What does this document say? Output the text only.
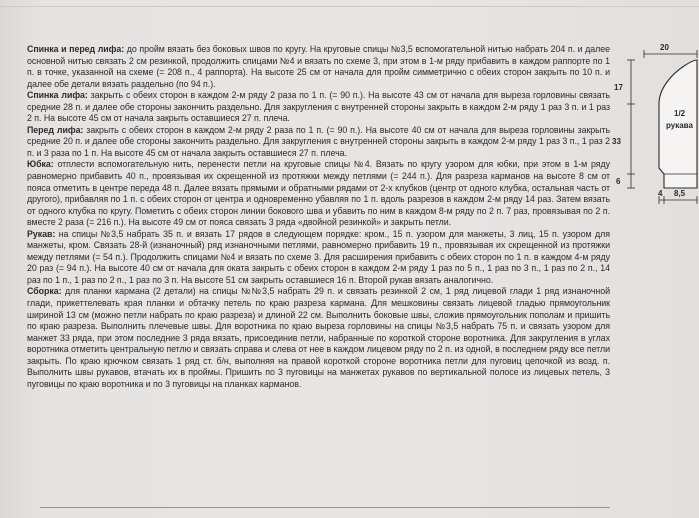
Спинка и перед лифа: до пройм вязать без боковых швов по кругу. На круговые спицы №3,5 вспомогательной нитью набрать 204 п. и далее основной нитью связать 2 см резинкой, продолжить спицами №4 и вязать по схеме 3, при этом в 1-м ряду прибавить в каждом раппорте по 1 п. в точке, указанной на схеме (= 208 п., 4 раппорта). На высоте 25 см от начала для пройм симметрично с обеих сторон закрыть по 10 п. и далее обе детали вязать раздельно (по 94 п.).

Спинка лифа: закрыть с обеих сторон в каждом 2-м ряду 2 раза по 1 п. (= 90 п.). На высоте 43 см от начала для вырезa горловины связать средние 28 п. и далее обе стороны закончить раздельно. Для закругления с внутренней стороны закрыть в каждом 2-м ряду 1 раз 3 п. и 1 раз 2 п. На высоте 45 см от начала закрыть оставшиеся 27 п. плеча.

Перед лифа: закрыть с обеих сторон в каждом 2-м ряду 2 раза по 1 п. (= 90 п.). На высоте 40 см от начала для выреза горловины закрыть средние 20 п. и далее обе стороны закончить раздельно. Для закругления с внутренней стороны закрыть в каждом 2-м ряду 1 раз 3 п., 1 раз 2 п. и 3 раза по 1 п. На высоте 45 см от начала закрыть оставшиеся 27 п. плеча.

Юбка: отплести вспомогательную нить, перенести петли на круговые спицы №4. Вязать по кругу узором для юбки, при этом в 1-м ряду равномерно прибавить 40 п., провязывая их скрещенной из протяжки между петлями (= 244 п.). Для разреза карманов на высоте 8 см от пояса отметить в центре переда 48 п. Далее вязать прямыми и обратными рядами от 2-х клубков (центр от одного клубка, остальная часть от другого), прибавляя по 1 п. с обеих сторон от центра и одновременно убавляя по 1 п. вдоль разрезов в каждом 2-м ряду 14 раз. Затем вязать от одного клубка по кругу. Пометить с обеих сторон линии бокового шва и убавить по ним в каждом 8-м ряду по 2 п. 7 раз, провязывая по 2 п. вместе 2 раза (= 216 п.). На высоте 49 см от пояса связать 3 ряда «двойной резинкой» и закрыть петли.

Рукав: на спицы №3,5 набрать 35 п. и вязать 17 рядов в следующем порядке: кром., 15 п. узором для манжеты, 3 лиц, 15 п. узором для манжеты, кром. Связать 28-й (изнаночный) ряд изнаночными петлями, равномерно прибавить 19 п., провязывая их скрещенной из протяжки между петлями (= 54 п.). Продолжить спицами №4 и вязать по схеме 3. Для расширения прибавить с обеих сторон по 1 п. в каждом 4-м ряду 20 раз (= 94 п.). На высоте 40 см от начала для оката закрыть с обеих сторон в каждом 2-м ряду 1 раз по 5 п., 1 раз по 3 п., 1 раз по 2 п., 14 раз по 1 п., 1 раз по 2 п., 1 раз по 3 п. На высоте 51 см закрыть оставшиеся 16 п. Второй рукав вязать аналогично.

Сборка: для планки кармана (2 детали) на спицы №№3,5 набрать 29 п. и связать резинкой 2 см, 1 ряд лицевой глади 1 ряд изнаночной глади, прикеттелевать края планки и обтачку петель по краю разреза кармана. Для мешковины связать лицевой гладью прямоугольник шириной 13 см (можно петли набрать по краю разреза) и длиной 22 см. Выполнить боковые швы, сложив прямоугольник пополам и пришить по краю разреза. Выполнить плечевые швы. Для воротника по краю выреза горловины на спицы №3,5 набрать 75 п. и связать узором для манжет 33 ряда, при этом последние 3 ряда вязать, присоединив петли, набранные по короткой стороне воротника. Для закругления в углах воротника отметить центральную петлю и связать справа и слева от нее в каждом лицевом ряду по 2 п. из одной, в последнем ряду все петли закрыть. По краю крючком связать 1 ряд ст. б/н, выполняя на правой короткой стороне воротника петли для пуговиц цепочкой из возд. п. Выполнить швы рукавов, втачать их в проймы. Пришить по 3 пуговицы на манжетах рукавов по вертикальной полосе из лицевых петель, 3 пуговицы по краю воротника и по 3 пуговицы на планках карманов.

20
17
33
6
1/2
рукава
4 8,5
